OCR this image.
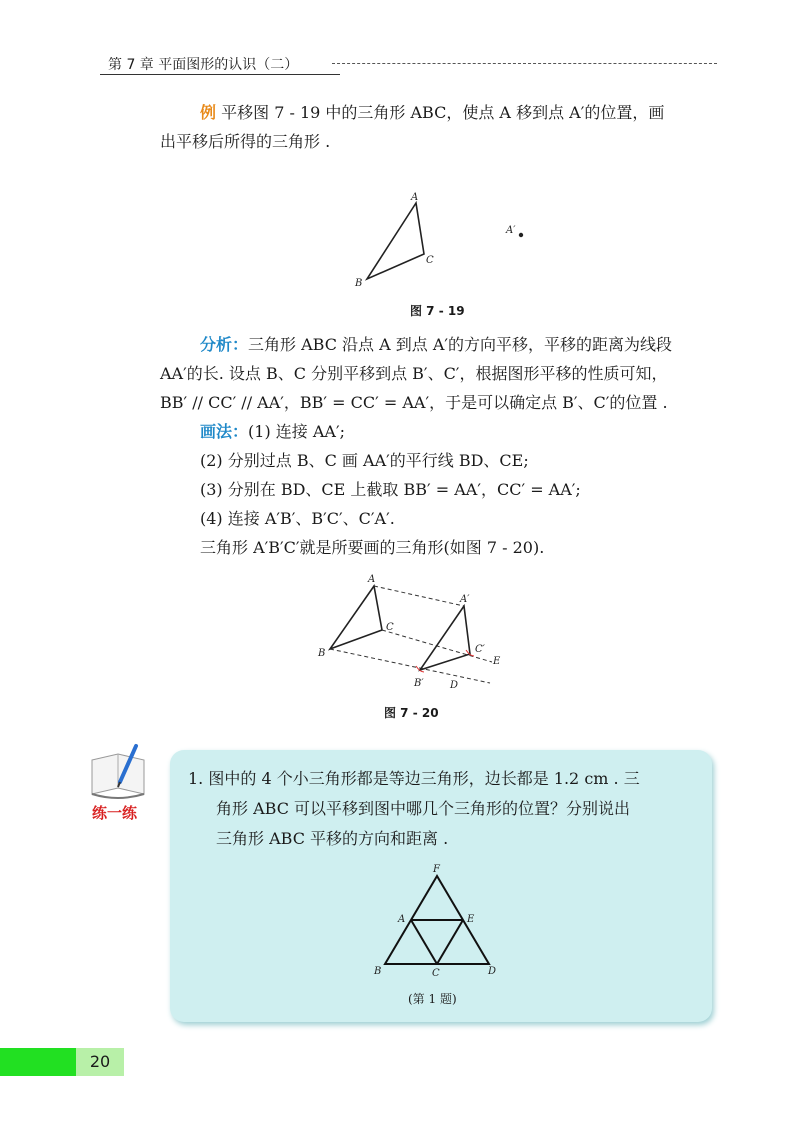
第 7 章 平面图形的认识（二）
例 平移图 7 - 19 中的三角形 ABC，使点 A 移到点 A′的位置，画
出平移后所得的三角形 .
A
B
C
A′
图 7 - 19
分析：三角形 ABC 沿点 A 到点 A′的方向平移，平移的距离为线段
AA′的长. 设点 B、C 分别平移到点 B′、C′，根据图形平移的性质可知，
BB′ // CC′ // AA′，BB′ = CC′ = AA′，于是可以确定点 B′、C′的位置 .
画法：(1) 连接 AA′;
(2) 分别过点 B、C 画 AA′的平行线 BD、CE;
(3) 分别在 BD、CE 上截取 BB′ = AA′，CC′ = AA′;
(4) 连接 A′B′、B′C′、C′A′.
三角形 A′B′C′就是所要画的三角形(如图 7 - 20).
A
B
C
A′
B′
C′
D
E
图 7 - 20
练一练
1. 图中的 4 个小三角形都是等边三角形，边长都是 1.2 cm . 三
角形 ABC 可以平移到图中哪几个三角形的位置？分别说出
三角形 ABC 平移的方向和距离 .
F
A	E
B	C	D
(第 1 题)
20
